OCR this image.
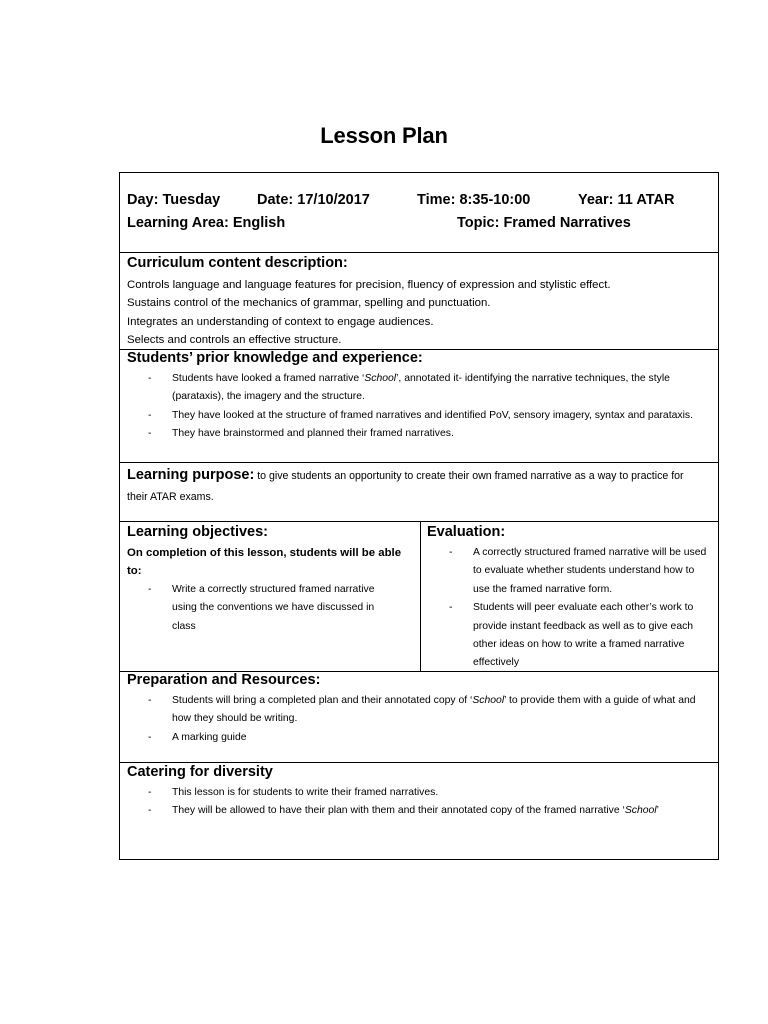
Lesson Plan
Day: Tuesday	Date: 17/10/2017	Time: 8:35-10:00	Year: 11 ATAR
Learning Area: English	Topic: Framed Narratives
Curriculum content description:
Controls language and language features for precision, fluency of expression and stylistic effect.
Sustains control of the mechanics of grammar, spelling and punctuation.
Integrates an understanding of context to engage audiences.
Selects and controls an effective structure.
Students’ prior knowledge and experience:
- Students have looked a framed narrative ‘School’, annotated it- identifying the narrative techniques, the style (parataxis), the imagery and the structure.
- They have looked at the structure of framed narratives and identified PoV, sensory imagery, syntax and parataxis.
- They have brainstormed and planned their framed narratives.
Learning purpose: to give students an opportunity to create their own framed narrative as a way to practice for their ATAR exams.
Learning objectives:
On completion of this lesson, students will be able to:
- Write a correctly structured framed narrative using the conventions we have discussed in class
Evaluation:
- A correctly structured framed narrative will be used to evaluate whether students understand how to use the framed narrative form.
- Students will peer evaluate each other’s work to provide instant feedback as well as to give each other ideas on how to write a framed narrative effectively
Preparation and Resources:
- Students will bring a completed plan and their annotated copy of ‘School’ to provide them with a guide of what and how they should be writing.
- A marking guide
Catering for diversity
- This lesson is for students to write their framed narratives.
- They will be allowed to have their plan with them and their annotated copy of the framed narrative ‘School’
